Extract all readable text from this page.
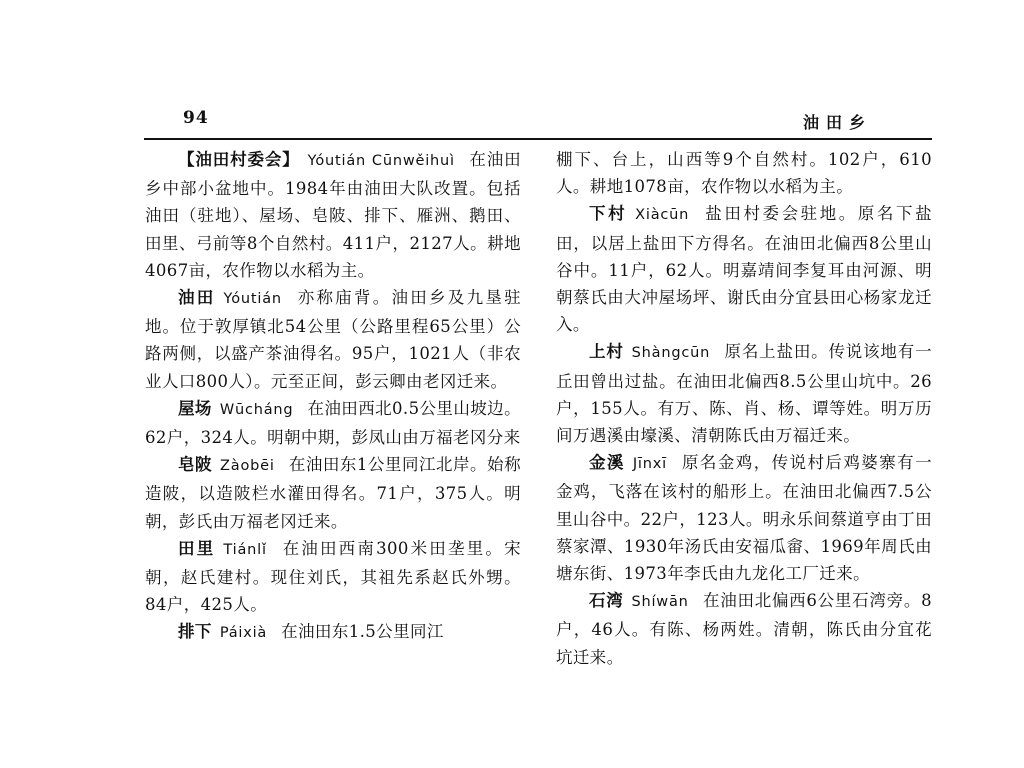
94	油田乡

【油田村委会】 Yóutián Cūnwěihuì 在油田乡中部小盆地中。1984年由油田大队改置。包括油田（驻地）、屋场、皂陂、排下、雁洲、鹅田、田里、弓前等8个自然村。411户，2127人。耕地4067亩，农作物以水稻为主。

油田 Yóutián 亦称庙背。油田乡及九垦驻地。位于敦厚镇北54公里（公路里程65公里）公路两侧，以盛产茶油得名。95户，1021人（非农业人口800人）。元至正间，彭云卿由老冈迁来。

屋场 Wūcháng 在油田西北0.5公里山坡边。62户，324人。明朝中期，彭凤山由万福老冈分来

皂陂 Zàobēi 在油田东1公里同江北岸。始称造陂，以造陂栏水灌田得名。71户，375人。明朝，彭氏由万福老冈迁来。

田里 Tiánlǐ 在油田西南300米田垄里。宋朝，赵氏建村。现住刘氏，其祖先系赵氏外甥。84户，425人。

排下 Páixià 在油田东1.5公里同江

棚下、台上，山西等9个自然村。102户，610人。耕地1078亩，农作物以水稻为主。

下村 Xiàcūn 盐田村委会驻地。原名下盐田，以居上盐田下方得名。在油田北偏西8公里山谷中。11户，62人。明嘉靖间李复耳由河源、明朝蔡氏由大冲屋场坪、谢氏由分宜县田心杨家龙迁入。

上村 Shàngcūn 原名上盐田。传说该地有一丘田曾出过盐。在油田北偏西8.5公里山坑中。26户，155人。有万、陈、肖、杨、谭等姓。明万历间万遇溪由壕溪、清朝陈氏由万福迁来。

金溪 Jīnxī 原名金鸡，传说村后鸡婆寨有一金鸡，飞落在该村的船形上。在油田北偏西7.5公里山谷中。22户，123人。明永乐间蔡道亨由丁田蔡家潭、1930年汤氏由安福瓜畲、1969年周氏由塘东街、1973年李氏由九龙化工厂迁来。

石湾 Shíwān 在油田北偏西6公里石湾旁。8户，46人。有陈、杨两姓。清朝，陈氏由分宜花坑迁来。
